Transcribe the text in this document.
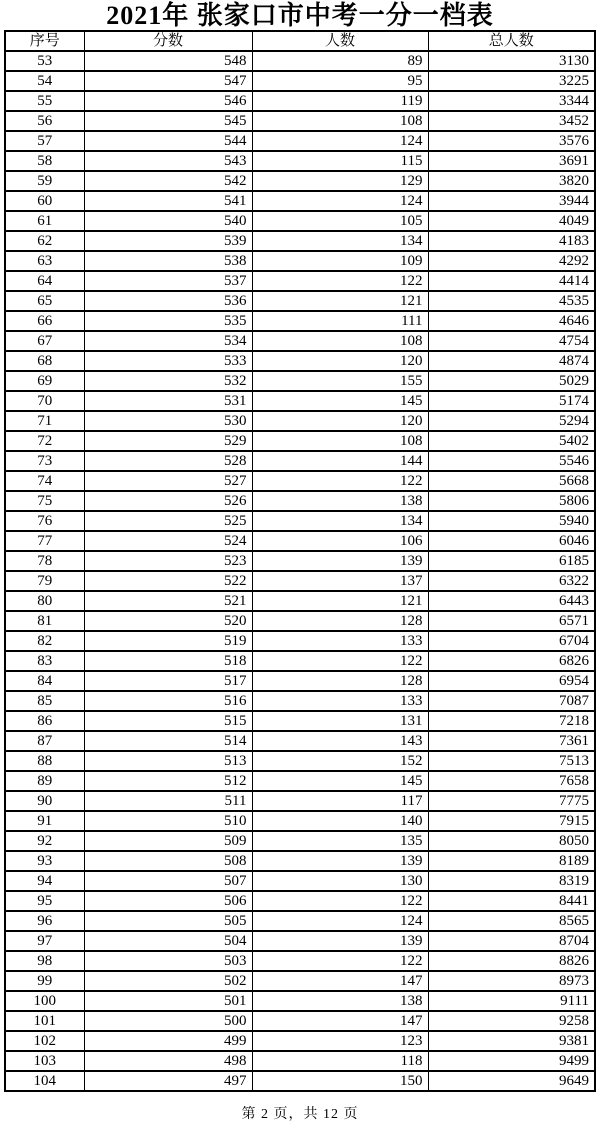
2021年 张家口市中考一分一档表
序号	分数	人数	总人数
53	548	89	3130
54	547	95	3225
55	546	119	3344
56	545	108	3452
57	544	124	3576
58	543	115	3691
59	542	129	3820
60	541	124	3944
61	540	105	4049
62	539	134	4183
63	538	109	4292
64	537	122	4414
65	536	121	4535
66	535	111	4646
67	534	108	4754
68	533	120	4874
69	532	155	5029
70	531	145	5174
71	530	120	5294
72	529	108	5402
73	528	144	5546
74	527	122	5668
75	526	138	5806
76	525	134	5940
77	524	106	6046
78	523	139	6185
79	522	137	6322
80	521	121	6443
81	520	128	6571
82	519	133	6704
83	518	122	6826
84	517	128	6954
85	516	133	7087
86	515	131	7218
87	514	143	7361
88	513	152	7513
89	512	145	7658
90	511	117	7775
91	510	140	7915
92	509	135	8050
93	508	139	8189
94	507	130	8319
95	506	122	8441
96	505	124	8565
97	504	139	8704
98	503	122	8826
99	502	147	8973
100	501	138	9111
101	500	147	9258
102	499	123	9381
103	498	118	9499
104	497	150	9649
第 2 页，共 12 页
